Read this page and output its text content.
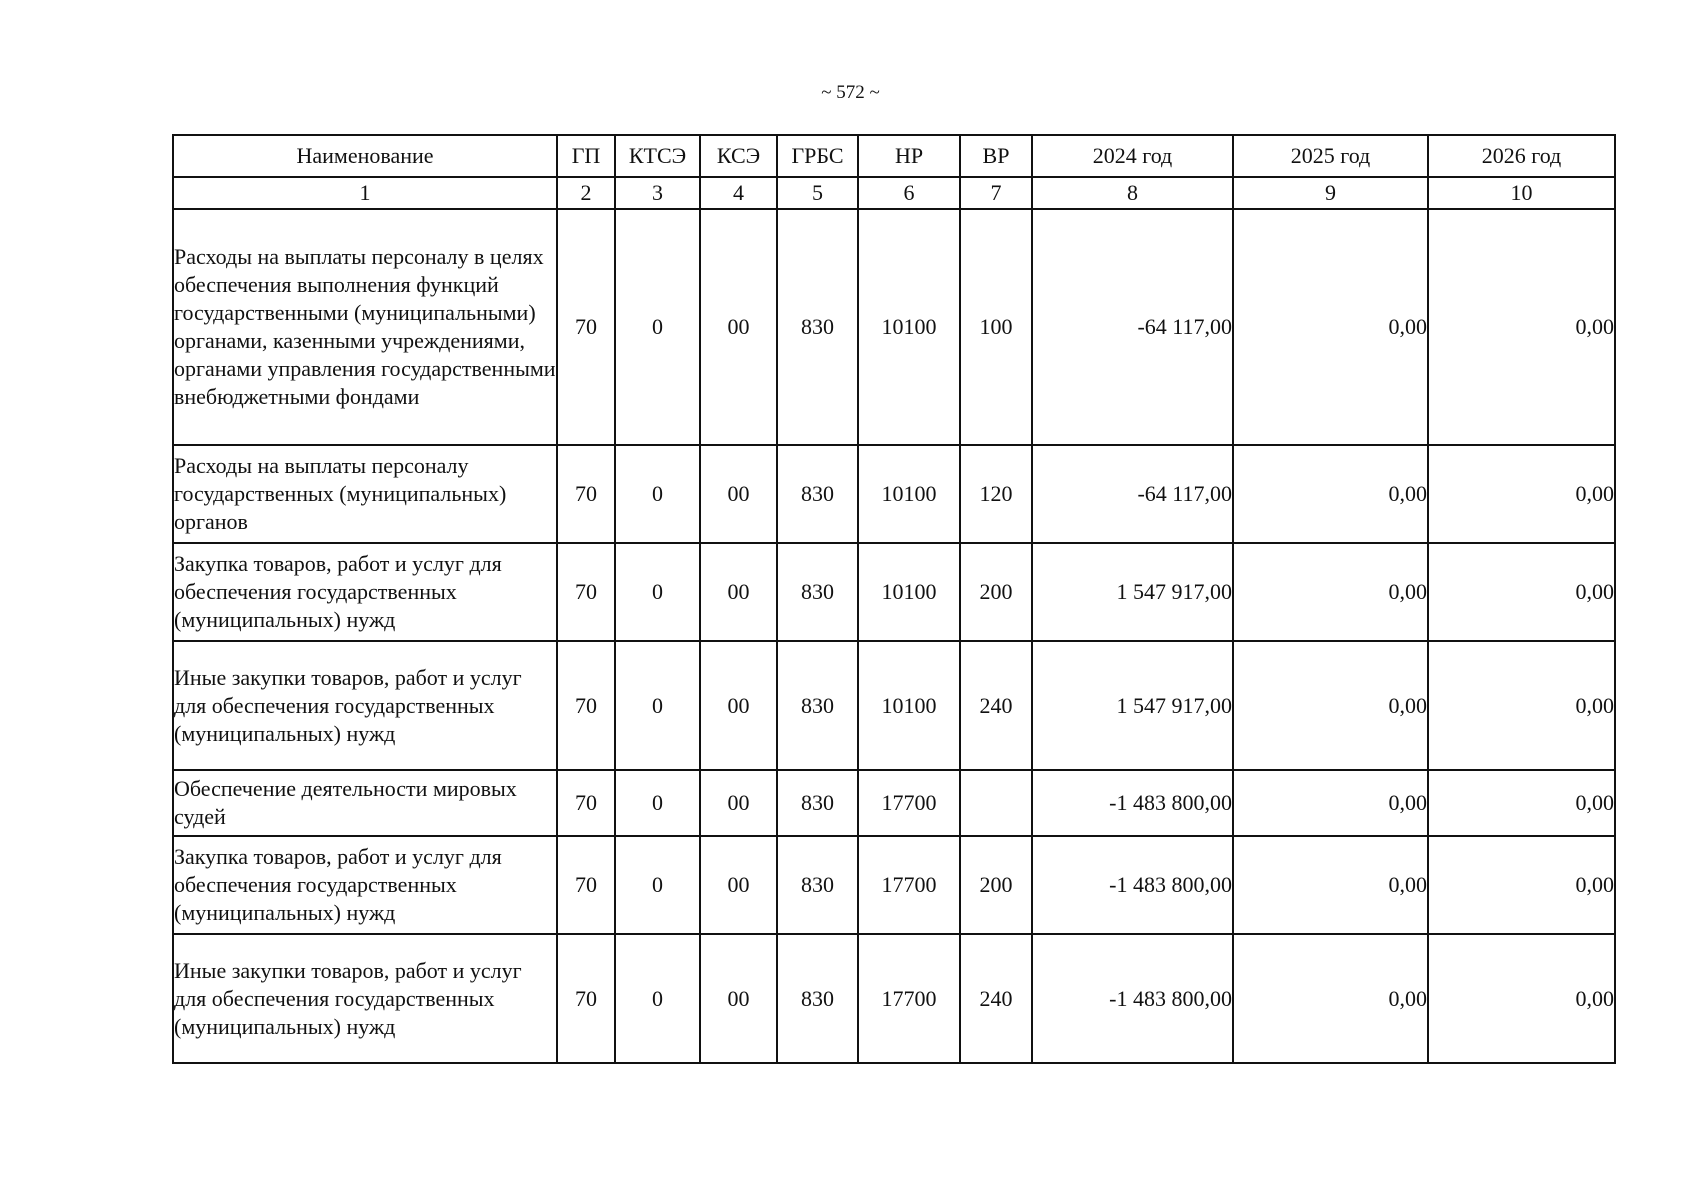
~ 572 ~
Наименование	ГП	КТСЭ	КСЭ	ГРБС	НР	ВР	2024 год	2025 год	2026 год
1	2	3	4	5	6	7	8	9	10
Расходы на выплаты персоналу в целях обеспечения выполнения функций государственными (муниципальными) органами, казенными учреждениями, органами управления государственными внебюджетными фондами	70	0	00	830	10100	100	-64 117,00	0,00	0,00
Расходы на выплаты персоналу государственных (муниципальных) органов	70	0	00	830	10100	120	-64 117,00	0,00	0,00
Закупка товаров, работ и услуг для обеспечения государственных (муниципальных) нужд	70	0	00	830	10100	200	1 547 917,00	0,00	0,00
Иные закупки товаров, работ и услуг для обеспечения государственных (муниципальных) нужд	70	0	00	830	10100	240	1 547 917,00	0,00	0,00
Обеспечение деятельности мировых судей	70	0	00	830	17700		-1 483 800,00	0,00	0,00
Закупка товаров, работ и услуг для обеспечения государственных (муниципальных) нужд	70	0	00	830	17700	200	-1 483 800,00	0,00	0,00
Иные закупки товаров, работ и услуг для обеспечения государственных (муниципальных) нужд	70	0	00	830	17700	240	-1 483 800,00	0,00	0,00
